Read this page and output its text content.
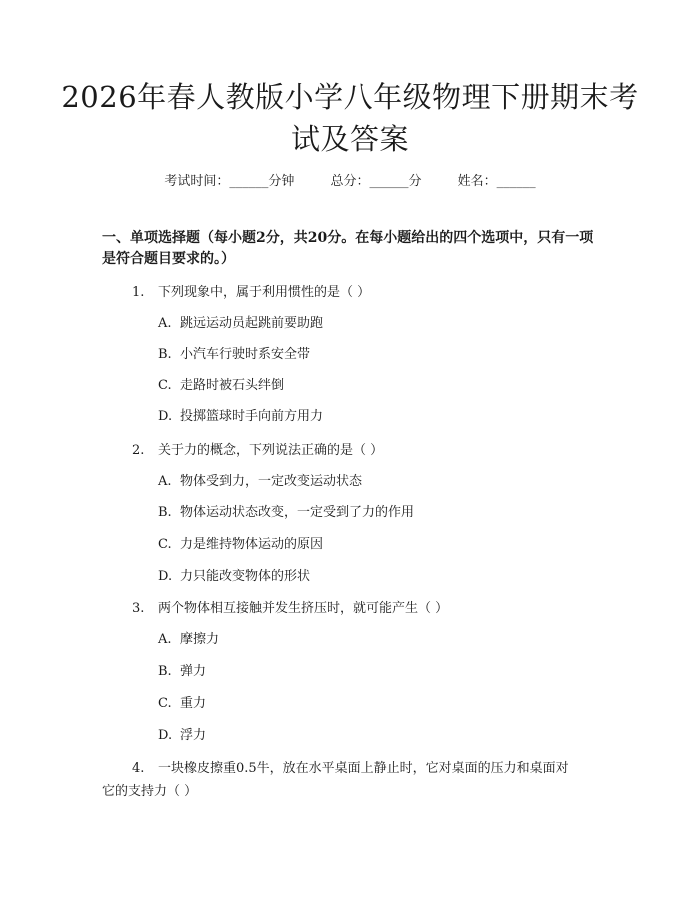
2026年春人教版小学八年级物理下册期末考试及答案
考试时间：______分钟	总分：______分	姓名：______
一、单项选择题（每小题2分，共20分。在每小题给出的四个选项中，只有一项是符合题目要求的。）
1. 下列现象中，属于利用惯性的是（ ）
A. 跳远运动员起跳前要助跑
B. 小汽车行驶时系安全带
C. 走路时被石头绊倒
D. 投掷篮球时手向前方用力
2. 关于力的概念，下列说法正确的是（ ）
A. 物体受到力，一定改变运动状态
B. 物体运动状态改变，一定受到了力的作用
C. 力是维持物体运动的原因
D. 力只能改变物体的形状
3. 两个物体相互接触并发生挤压时，就可能产生（ ）
A. 摩擦力
B. 弹力
C. 重力
D. 浮力
4. 一块橡皮擦重0.5牛，放在水平桌面上静止时，它对桌面的压力和桌面对
它的支持力（ ）
